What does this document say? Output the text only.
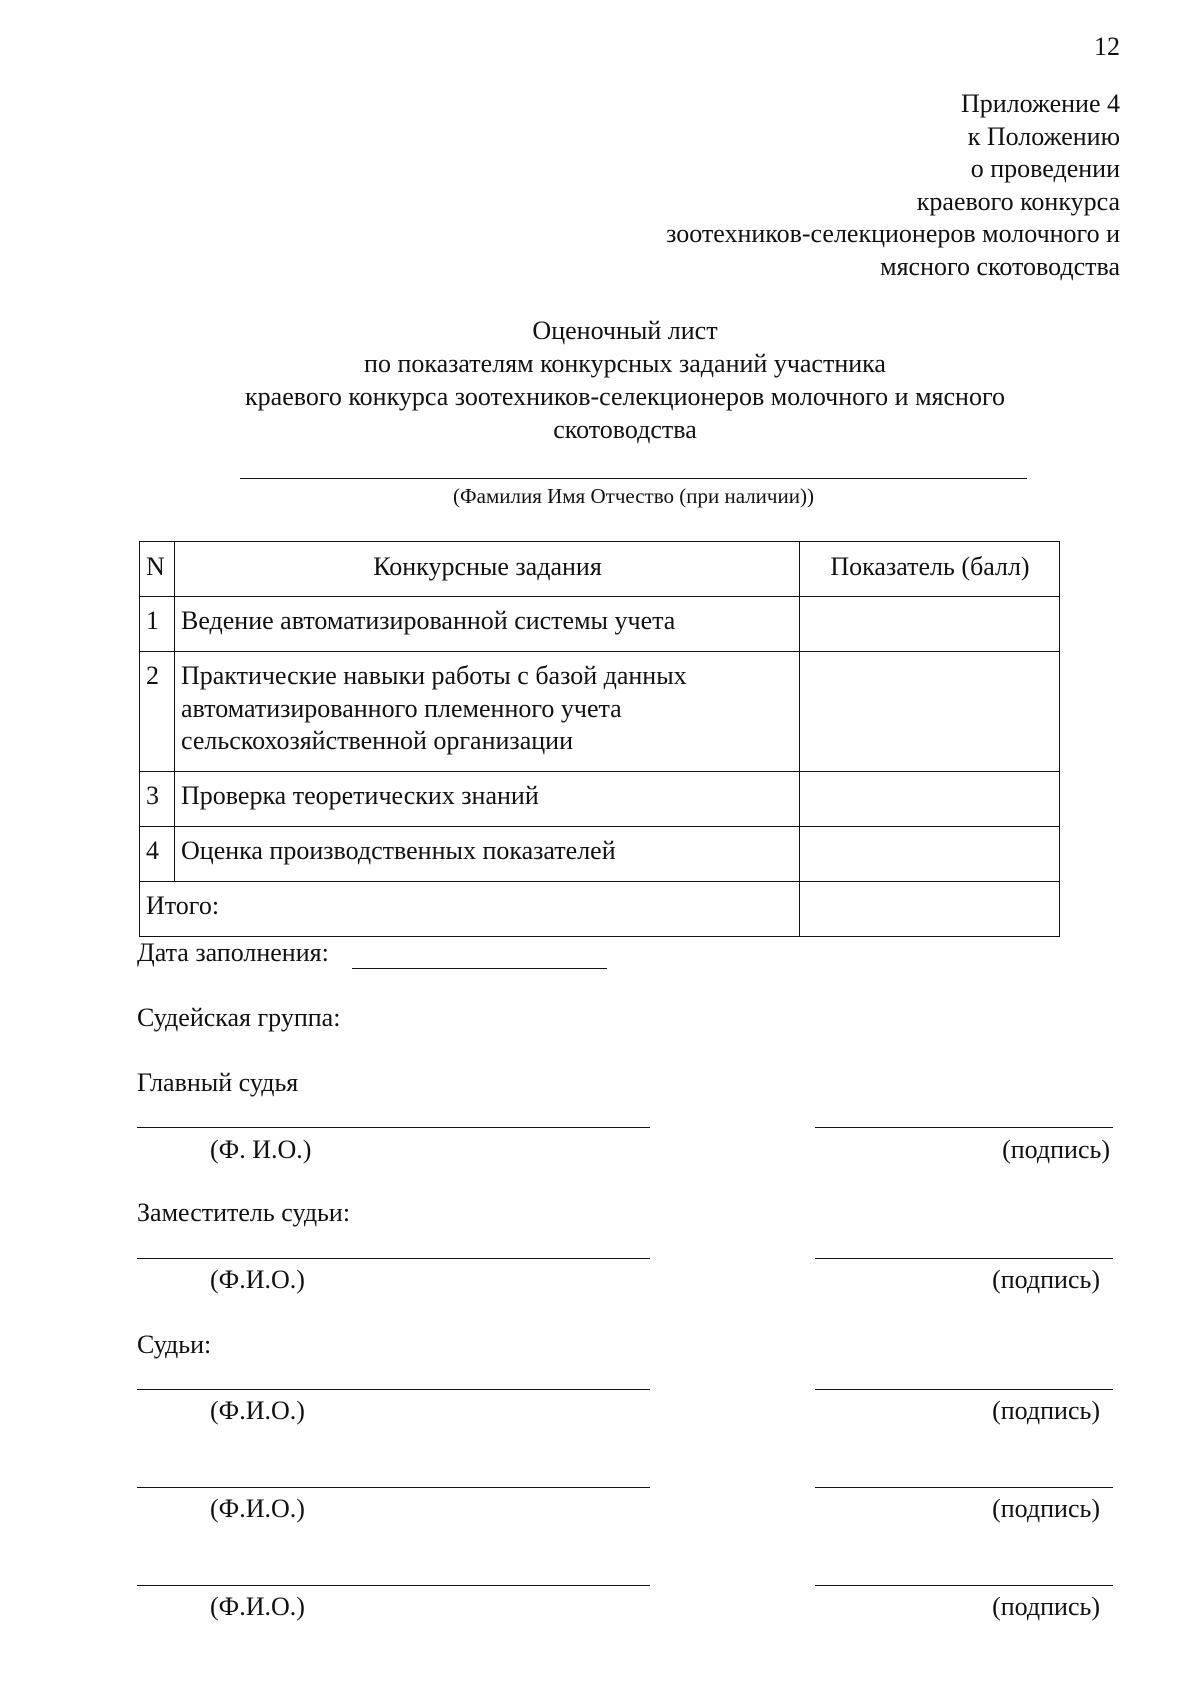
12
Приложение 4
к Положению
о проведении
краевого конкурса
зоотехников-селекционеров молочного и
мясного скотоводства
Оценочный лист
по показателям конкурсных заданий участника
краевого конкурса зоотехников-селекционеров молочного и мясного
скотоводства
(Фамилия Имя Отчество (при наличии))
N	Конкурсные задания	Показатель (балл)
1	Ведение автоматизированной системы учета	
2	Практические навыки работы с базой данных автоматизированного племенного учета сельскохозяйственной организации	
3	Проверка теоретических знаний	
4	Оценка производственных показателей	
Итого:		
Дата заполнения:
Судейская группа:
Главный судья
(Ф. И.О.)	(подпись)
Заместитель судьи:
(Ф.И.О.)	(подпись)
Судьи:
(Ф.И.О.)	(подпись)
(Ф.И.О.)	(подпись)
(Ф.И.О.)	(подпись)
